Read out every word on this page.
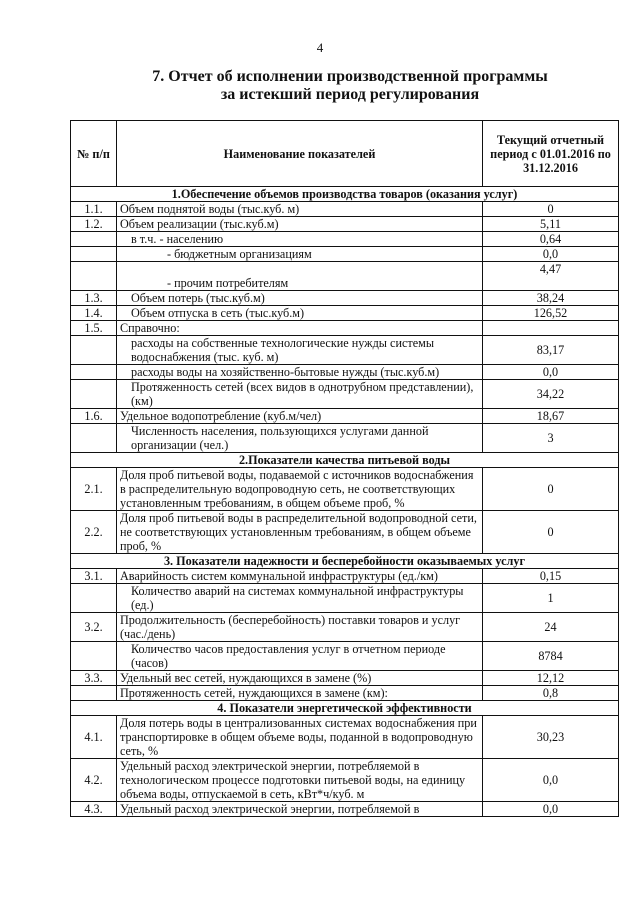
4
7. Отчет об исполнении производственной программы
за истекший период регулирования
№ п/п	Наименование показателей	Текущий отчетный период с 01.01.2016 по 31.12.2016
1.Обеспечение объемов производства товаров (оказания услуг)		
1.1.	Объем поднятой воды (тыс.куб. м)	0
1.2.	Объем реализации (тыс.куб.м)	5,11
	в т.ч. - населению	0,64
	- бюджетным организациям	0,0
	- прочим потребителям	4,47
1.3.	Объем потерь (тыс.куб.м)	38,24
1.4.	Объем отпуска в сеть (тыс.куб.м)	126,52
1.5.	Справочно:	
	расходы на собственные технологические нужды системы водоснабжения (тыс. куб. м)	83,17
	расходы воды на хозяйственно-бытовые нужды (тыс.куб.м)	0,0
	Протяженность сетей (всех видов в однотрубном представлении), (км)	34,22
1.6.	Удельное водопотребление (куб.м/чел)	18,67
	Численность населения, пользующихся услугами данной организации (чел.)	3
2.Показатели качества питьевой воды		
2.1.	Доля проб питьевой воды, подаваемой с источников водоснабжения в распределительную водопроводную сеть, не соответствующих установленным требованиям, в общем объеме проб, %	0
2.2.	Доля проб питьевой воды в распределительной водопроводной сети, не соответствующих установленным требованиям, в общем объеме проб, %	0
3. Показатели надежности и бесперебойности оказываемых услуг		
3.1.	Аварийность систем коммунальной инфраструктуры (ед./км)	0,15
	Количество аварий на системах коммунальной инфраструктуры (ед.)	1
3.2.	Продолжительность (бесперебойность) поставки товаров и услуг (час./день)	24
	Количество часов предоставления услуг в отчетном периоде (часов)	8784
3.3.	Удельный вес сетей, нуждающихся в замене (%)	12,12
	Протяженность сетей, нуждающихся в замене (км):	0,8
4. Показатели энергетической эффективности		
4.1.	Доля потерь воды в централизованных системах водоснабжения при транспортировке в общем объеме воды, поданной в водопроводную сеть, %	30,23
4.2.	Удельный расход электрической энергии, потребляемой в технологическом процессе подготовки питьевой воды, на единицу объема воды, отпускаемой в сеть, кВт*ч/куб. м	0,0
4.3.	Удельный расход электрической энергии, потребляемой в	0,0
